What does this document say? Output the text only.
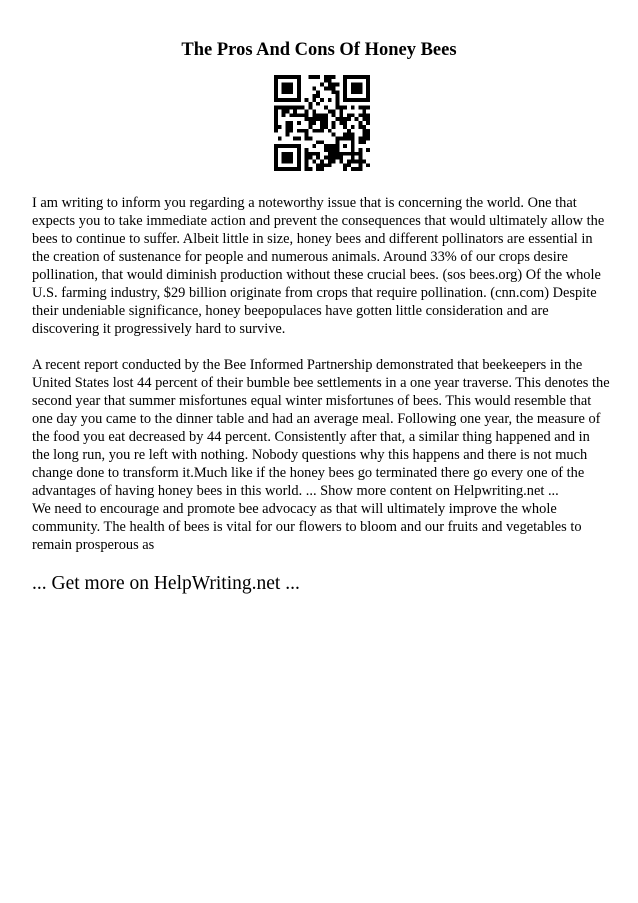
The Pros And Cons Of Honey Bees

I am writing to inform you regarding a noteworthy issue that is concerning the world. One that expects you to take immediate action and prevent the consequences that would ultimately allow the bees to continue to suffer. Albeit little in size, honey bees and different pollinators are essential in the creation of sustenance for people and numerous animals. Around 33% of our crops desire pollination, that would diminish production without these crucial bees. (sos bees.org) Of the whole U.S. farming industry, $29 billion originate from crops that require pollination. (cnn.com) Despite their undeniable significance, honey beepopulaces have gotten little consideration and are discovering it progressively hard to survive.

A recent report conducted by the Bee Informed Partnership demonstrated that beekeepers in the United States lost 44 percent of their bumble bee settlements in a one year traverse. This denotes the second year that summer misfortunes equal winter misfortunes of bees. This would resemble that one day you came to the dinner table and had an average meal. Following one year, the measure of the food you eat decreased by 44 percent. Consistently after that, a similar thing happened and in the long run, you re left with nothing. Nobody questions why this happens and there is not much change done to transform it.Much like if the honey bees go terminated there go every one of the advantages of having honey bees in this world. ... Show more content on Helpwriting.net ...

We need to encourage and promote bee advocacy as that will ultimately improve the whole community. The health of bees is vital for our flowers to bloom and our fruits and vegetables to remain prosperous as

... Get more on HelpWriting.net ...
